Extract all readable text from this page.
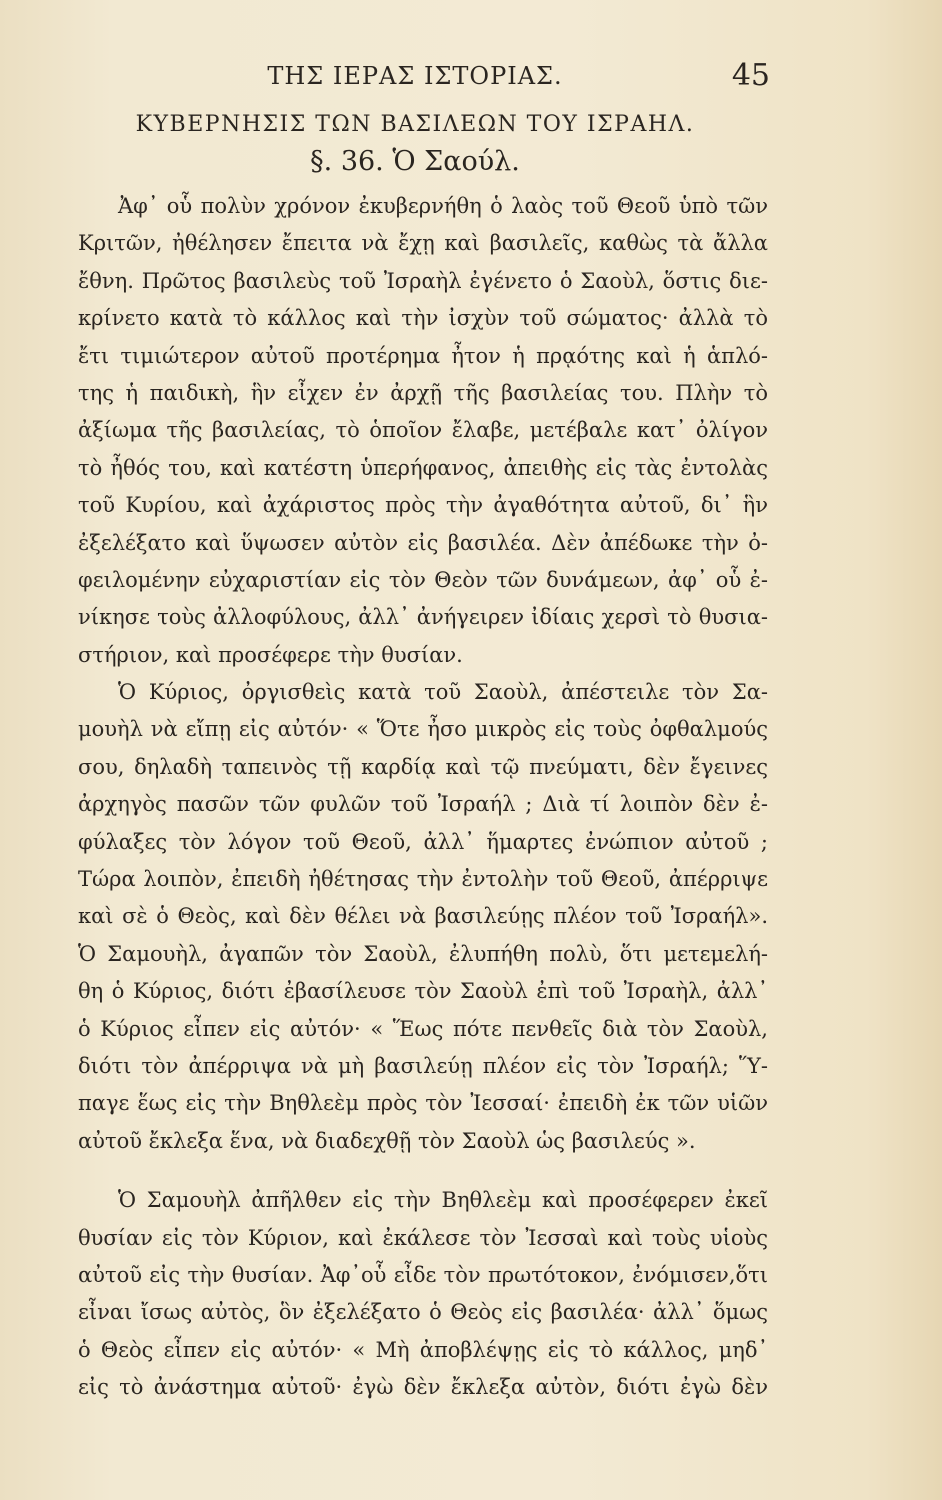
ΤΗΣ ΙΕΡΑΣ ΙΣΤΟΡΙΑΣ.	45
ΚΥΒΕΡΝΗΣΙΣ ΤΩΝ ΒΑΣΙΛΕΩΝ ΤΟΥ ΙΣΡΑΗΛ.
§. 36. Ὁ Σαούλ.
Ἀφ᾽ οὗ πολὺν χρόνον ἐκυβερνήθη ὁ λαὸς τοῦ Θεοῦ ὑπὸ τῶν
Κριτῶν, ἠθέλησεν ἔπειτα νὰ ἔχῃ καὶ βασιλεῖς, καθὼς τὰ ἄλλα
ἔθνη. Πρῶτος βασιλεὺς τοῦ Ἰσραὴλ ἐγένετο ὁ Σαοὺλ, ὅστις διε-
κρίνετο κατὰ τὸ κάλλος καὶ τὴν ἰσχὺν τοῦ σώματος· ἀλλὰ τὸ
ἔτι τιμιώτερον αὐτοῦ προτέρημα ἦτον ἡ πρᾳότης καὶ ἡ ἁπλό-
της ἡ παιδικὴ, ἣν εἶχεν ἐν ἀρχῇ τῆς βασιλείας του. Πλὴν τὸ
ἀξίωμα τῆς βασιλείας, τὸ ὁποῖον ἔλαβε, μετέβαλε κατ᾽ ὀλίγον
τὸ ἦθός του, καὶ κατέστη ὑπερήφανος, ἀπειθὴς εἰς τὰς ἐντολὰς
τοῦ Κυρίου, καὶ ἀχάριστος πρὸς τὴν ἀγαθότητα αὐτοῦ, δι᾽ ἣν
ἐξελέξατο καὶ ὕψωσεν αὐτὸν εἰς βασιλέα. Δὲν ἀπέδωκε τὴν ὀ-
φειλομένην εὐχαριστίαν εἰς τὸν Θεὸν τῶν δυνάμεων, ἀφ᾽ οὗ ἐ-
νίκησε τοὺς ἀλλοφύλους, ἀλλ᾽ ἀνήγειρεν ἰδίαις χερσὶ τὸ θυσια-
στήριον, καὶ προσέφερε τὴν θυσίαν.
Ὁ Κύριος, ὀργισθεὶς κατὰ τοῦ Σαοὺλ, ἀπέστειλε τὸν Σα-
μουὴλ νὰ εἴπῃ εἰς αὐτόν· « Ὅτε ἦσο μικρὸς εἰς τοὺς ὀφθαλμούς
σου, δηλαδὴ ταπεινὸς τῇ καρδίᾳ καὶ τῷ πνεύματι, δὲν ἔγεινες
ἀρχηγὸς πασῶν τῶν φυλῶν τοῦ Ἰσραήλ ; Διὰ τί λοιπὸν δὲν ἐ-
φύλαξες τὸν λόγον τοῦ Θεοῦ, ἀλλ᾽ ἥμαρτες ἐνώπιον αὐτοῦ ;
Τώρα λοιπὸν, ἐπειδὴ ἠθέτησας τὴν ἐντολὴν τοῦ Θεοῦ, ἀπέρριψε
καὶ σὲ ὁ Θεὸς, καὶ δὲν θέλει νὰ βασιλεύῃς πλέον τοῦ Ἰσραήλ».
Ὁ Σαμουὴλ, ἀγαπῶν τὸν Σαοὺλ, ἐλυπήθη πολὺ, ὅτι μετεμελή-
θη ὁ Κύριος, διότι ἐβασίλευσε τὸν Σαοὺλ ἐπὶ τοῦ Ἰσραὴλ, ἀλλ᾽
ὁ Κύριος εἶπεν εἰς αὐτόν· « Ἕως πότε πενθεῖς διὰ τὸν Σαοὺλ,
διότι τὸν ἀπέρριψα νὰ μὴ βασιλεύῃ πλέον εἰς τὸν Ἰσραήλ; Ὕ-
παγε ἕως εἰς τὴν Βηθλεὲμ πρὸς τὸν Ἰεσσαί· ἐπειδὴ ἐκ τῶν υἱῶν
αὐτοῦ ἔκλεξα ἕνα, νὰ διαδεχθῇ τὸν Σαοὺλ ὡς βασιλεύς ».
Ὁ Σαμουὴλ ἀπῆλθεν εἰς τὴν Βηθλεὲμ καὶ προσέφερεν ἐκεῖ
θυσίαν εἰς τὸν Κύριον, καὶ ἐκάλεσε τὸν Ἰεσσαὶ καὶ τοὺς υἱοὺς
αὐτοῦ εἰς τὴν θυσίαν. Ἀφ᾽οὗ εἶδε τὸν πρωτότοκον, ἐνόμισεν,ὅτι
εἶναι ἴσως αὐτὸς, ὃν ἐξελέξατο ὁ Θεὸς εἰς βασιλέα· ἀλλ᾽ ὅμως
ὁ Θεὸς εἶπεν εἰς αὐτόν· « Μὴ ἀποβλέψῃς εἰς τὸ κάλλος, μηδ᾽
εἰς τὸ ἀνάστημα αὐτοῦ· ἐγὼ δὲν ἔκλεξα αὐτὸν, διότι ἐγὼ δὲν
